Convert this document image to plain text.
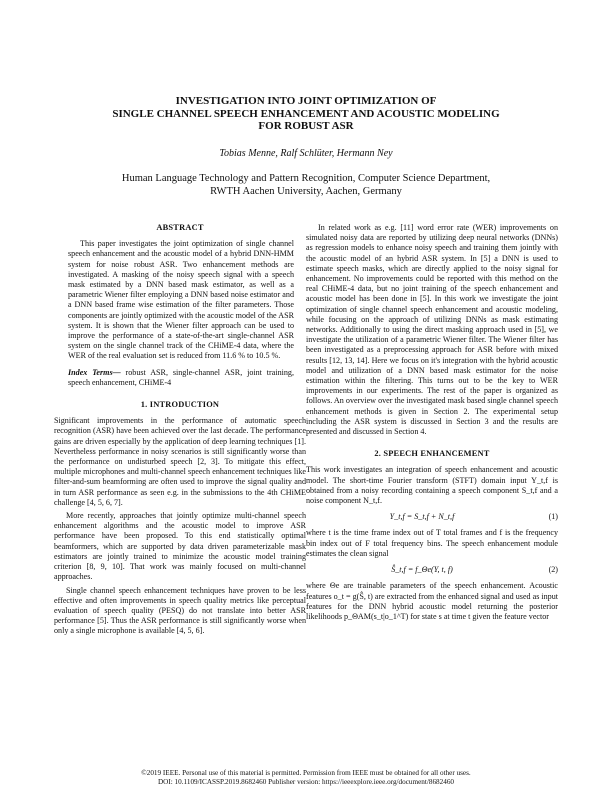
INVESTIGATION INTO JOINT OPTIMIZATION OF
SINGLE CHANNEL SPEECH ENHANCEMENT AND ACOUSTIC MODELING
FOR ROBUST ASR
Tobias Menne, Ralf Schlüter, Hermann Ney
Human Language Technology and Pattern Recognition, Computer Science Department,
RWTH Aachen University, Aachen, Germany
ABSTRACT

This paper investigates the joint optimization of single channel speech enhancement and the acoustic model of a hybrid DNN-HMM system for noise robust ASR. Two enhancement methods are investigated. A masking of the noisy speech signal with a speech mask estimated by a DNN based mask estimator, as well as a parametric Wiener filter employing a DNN based noise estimator and a DNN based frame wise estimation of the filter parameters. Those components are jointly optimized with the acoustic model of the ASR system. It is shown that the Wiener filter approach can be used to improve the performance of a state-of-the-art single-channel ASR system on the single channel track of the CHiME-4 data, where the WER of the real evaluation set is reduced from 11.6 % to 10.5 %.

Index Terms— robust ASR, single-channel ASR, joint training, speech enhancement, CHiME-4

1. INTRODUCTION

Significant improvements in the performance of automatic speech recognition (ASR) have been achieved over the last decade. The performance gains are driven especially by the application of deep learning techniques [1]. Nevertheless performance in noisy scenarios is still significantly worse than the performance on undisturbed speech [2, 3]. To mitigate this effect, multiple microphones and multi-channel speech enhancement techniques like filter-and-sum beamforming are often used to improve the signal quality and in turn ASR performance as seen e.g. in the submissions to the 4th CHiME challenge [4, 5, 6, 7].

More recently, approaches that jointly optimize multi-channel speech enhancement algorithms and the acoustic model to improve ASR performance have been proposed. To this end statistically optimal beamformers, which are supported by data driven parameterizable mask estimators are jointly trained to minimize the acoustic model training criterion [8, 9, 10]. That work was mainly focused on multi-channel approaches.

Single channel speech enhancement techniques have proven to be less effective and often improvements in speech quality metrics like perceptual evaluation of speech quality (PESQ) do not translate into better ASR performance [5]. Thus the ASR performance is still significantly worse when only a single microphone is available [4, 5, 6].

In related work as e.g. [11] word error rate (WER) improvements on simulated noisy data are reported by utilizing deep neural networks (DNNs) as regression models to enhance noisy speech and training them jointly with the acoustic model of an hybrid ASR system. In [5] a DNN is used to estimate speech masks, which are directly applied to the noisy signal for enhancement. No improvements could be reported with this method on the real CHiME-4 data, but no joint training of the speech enhancement and acoustic model has been done in [5]. In this work we investigate the joint optimization of single channel speech enhancement and acoustic modeling, while focusing on the approach of utilizing DNNs as mask estimating networks. Additionally to using the direct masking approach used in [5], we investigate the utilization of a parametric Wiener filter. The Wiener filter has been investigated as a preprocessing approach for ASR before with mixed results [12, 13, 14]. Here we focus on it's integration with the hybrid acoustic model and utilization of a DNN based mask estimator for the noise estimation within the filtering. This turns out to be the key to WER improvements in our experiments. The rest of the paper is organized as follows. An overview over the investigated mask based single channel speech enhancement methods is given in Section 2. The experimental setup including the ASR system is discussed in Section 3 and the results are presented and discussed in Section 4.

2. SPEECH ENHANCEMENT

This work investigates an integration of speech enhancement and acoustic model. The short-time Fourier transform (STFT) domain input Y_t,f is obtained from a noisy recording containing a speech component S_t,f and a noise component N_t,f.

Y_t,f = S_t,f + N_t,f	(1)

where t is the time frame index out of T total frames and f is the frequency bin index out of F total frequency bins. The speech enhancement module estimates the clean signal

Ŝ_t,f = f_Θe(Y, t, f)	(2)

where Θe are trainable parameters of the speech enhancement. Acoustic features o_t = g(Ŝ, t) are extracted from the enhanced signal and used as input features for the DNN hybrid acoustic model returning the posterior likelihoods p_ΘAM(s_t|o_1^T) for state s at time t given the feature vector

©2019 IEEE. Personal use of this material is permitted. Permission from IEEE must be obtained for all other uses.
DOI: 10.1109/ICASSP.2019.8682460 Publisher version: https://ieeexplore.ieee.org/document/8682460
